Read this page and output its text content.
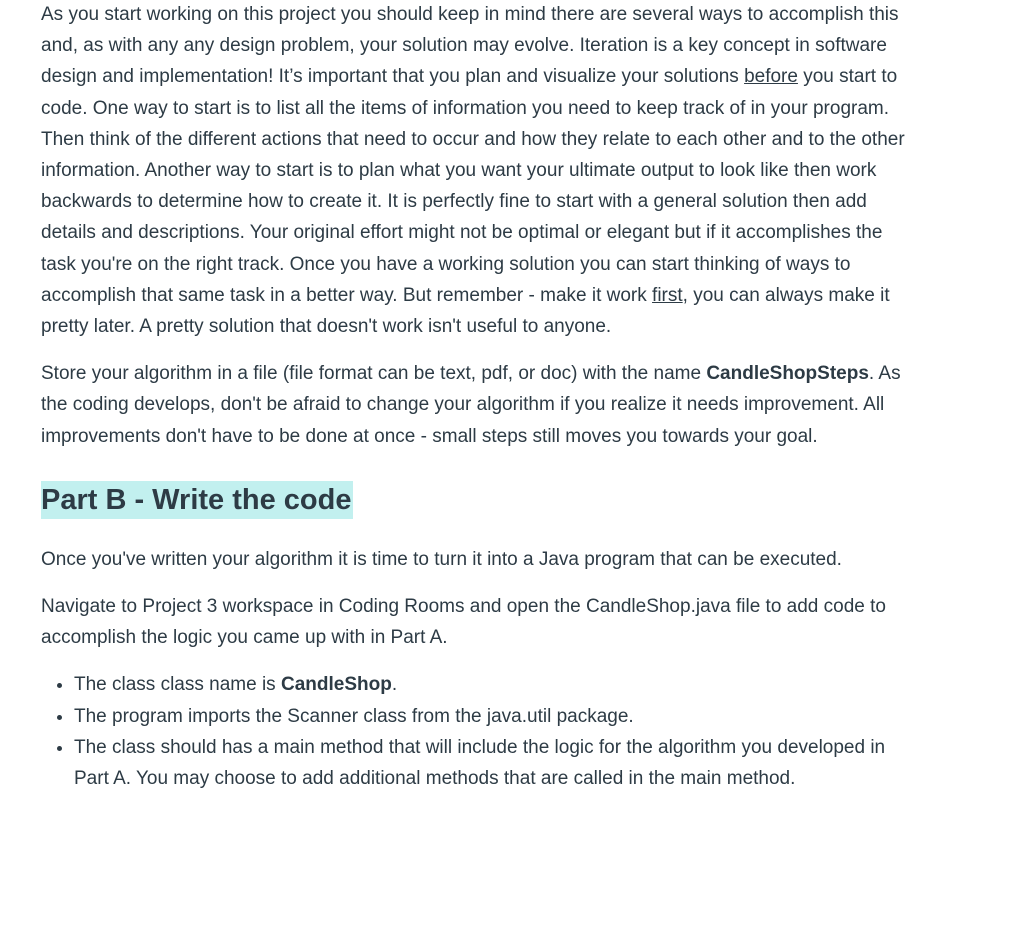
As you start working on this project you should keep in mind there are several ways to accomplish this and, as with any any design problem, your solution may evolve. Iteration is a key concept in software design and implementation! It’s important that you plan and visualize your solutions before you start to code. One way to start is to list all the items of information you need to keep track of in your program. Then think of the different actions that need to occur and how they relate to each other and to the other information. Another way to start is to plan what you want your ultimate output to look like then work backwards to determine how to create it. It is perfectly fine to start with a general solution then add details and descriptions. Your original effort might not be optimal or elegant but if it accomplishes the task you're on the right track. Once you have a working solution you can start thinking of ways to accomplish that same task in a better way. But remember - make it work first, you can always make it pretty later. A pretty solution that doesn't work isn't useful to anyone.

Store your algorithm in a file (file format can be text, pdf, or doc) with the name CandleShopSteps. As the coding develops, don't be afraid to change your algorithm if you realize it needs improvement. All improvements don't have to be done at once - small steps still moves you towards your goal.

Part B - Write the code

Once you've written your algorithm it is time to turn it into a Java program that can be executed.

Navigate to Project 3 workspace in Coding Rooms and open the CandleShop.java file to add code to accomplish the logic you came up with in Part A.

• The class class name is CandleShop.
• The program imports the Scanner class from the java.util package.
• The class should has a main method that will include the logic for the algorithm you developed in Part A. You may choose to add additional methods that are called in the main method.
